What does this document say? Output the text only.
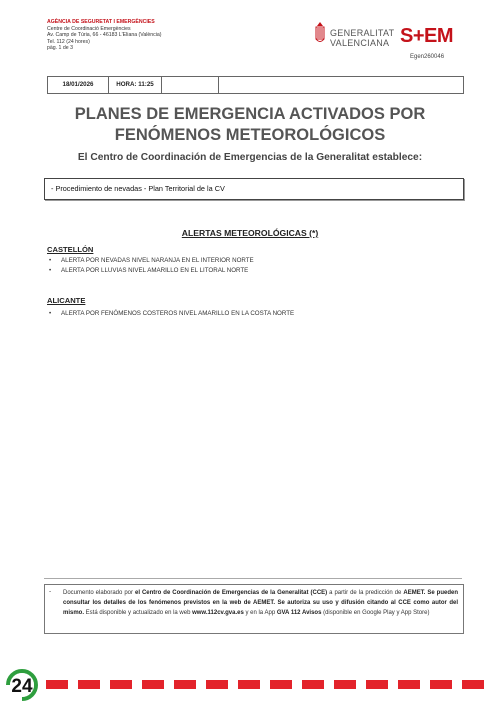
AGÈNCIA DE SEGURETAT I EMERGÈNCIES
Centre de Coordinació Emergències
Av. Camp de Túria, 66 - 46183 L'Eliana (València)
Tel. 112 (24 hores)
pàg. 1 de 3
GENERALITAT
VALENCIANA S+EM
Egen260046
18/01/2026	HORA: 11:25
PLANES DE EMERGENCIA ACTIVADOS POR
FENÓMENOS METEOROLÓGICOS
El Centro de Coordinación de Emergencias de la Generalitat establece:
- Procedimiento de nevadas - Plan Territorial de la CV
ALERTAS METEOROLÓGICAS (*)
CASTELLÓN
• ALERTA POR NEVADAS NIVEL NARANJA EN EL INTERIOR NORTE
• ALERTA POR LLUVIAS NIVEL AMARILLO EN EL LITORAL NORTE
ALICANTE
• ALERTA POR FENÓMENOS COSTEROS NIVEL AMARILLO EN LA COSTA NORTE
- Documento elaborado por el Centro de Coordinación de Emergencias de la Generalitat (CCE) a partir de la predicción de AEMET. Se pueden consultar los detalles de los fenómenos previstos en la web de AEMET. Se autoriza su uso y difusión citando al CCE como autor del mismo. Está disponible y actualizado en la web www.112cv.gva.es y en la App GVA 112 Avisos (disponible en Google Play y App Store)
24
